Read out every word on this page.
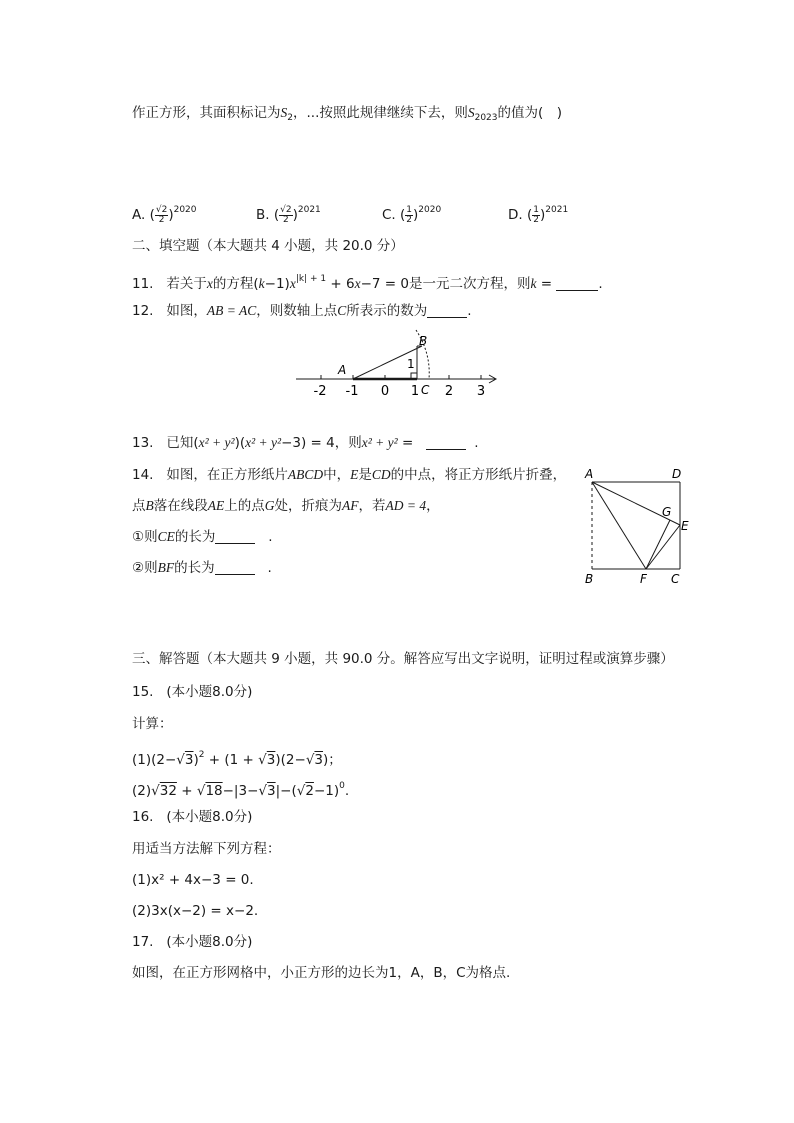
作正方形，其面积标记为$S_2$，...按照此规律继续下去，则$S_{2023}$的值为(　)
A. ( $\frac{√2}{2} )^{2020}$	B. ( $\frac{√2}{2} )^{2021}$	C. ( $\frac{1}{2} )^{2020}$	D. ( $\frac{1}{2} )^{2021}$
二、填空题（本大题共 4 小题，共 20.0 分）
11. 若关于x的方程$(k-1)x^{|k| + 1} + 6x-7 = 0$是一元二次方程，则k =	.
12. 如图，AB = AC，则数轴上点C所表示的数为	.
-2 -1 0 1 2 3
A
B
C
1
13. 已知(x² + y²)(x² + y²−3) = 4，则x² + y² =	.
14. 如图，在正方形纸片ABCD中，E是CD的中点，将正方形纸片折叠，
点B落在线段AE上的点G处，折痕为AF，若AD = 4，
①则CE的长为	.
②则BF的长为	.
A	D
G
E
B	F C
三、解答题（本大题共 9 小题，共 90.0 分。解答应写出文字说明，证明过程或演算步骤）
15. (本小题8.0分)
计算：
$(1)(2-√3)^2 + (1 + √3)(2-√3)$；
$(2)√32 + √18-|3-√3|-(√2-1)^0$.
16. (本小题8.0分)
用适当方法解下列方程：
(1)x² + 4x−3 = 0.
(2)3x(x−2) = x−2.
17. (本小题8.0分)
如图，在正方形网格中，小正方形的边长为1，A，B，C为格点.
